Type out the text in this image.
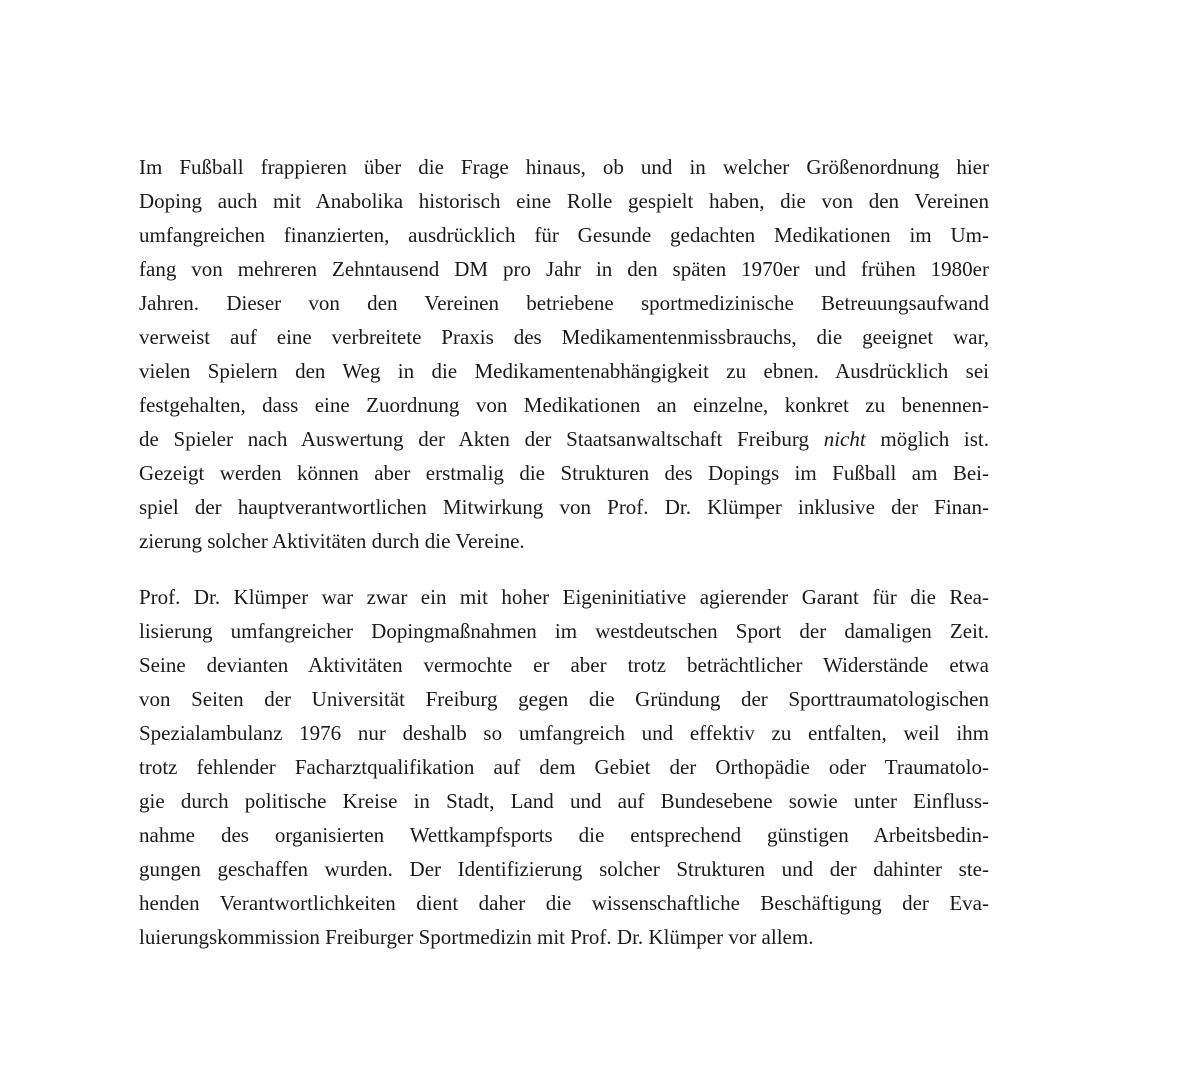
Im Fußball frappieren über die Frage hinaus, ob und in welcher Größenordnung hier
Doping auch mit Anabolika historisch eine Rolle gespielt haben, die von den Vereinen
umfangreichen finanzierten, ausdrücklich für Gesunde gedachten Medikationen im Um-
fang von mehreren Zehntausend DM pro Jahr in den späten 1970er und frühen 1980er
Jahren. Dieser von den Vereinen betriebene sportmedizinische Betreuungsaufwand
verweist auf eine verbreitete Praxis des Medikamentenmissbrauchs, die geeignet war,
vielen Spielern den Weg in die Medikamentenabhängigkeit zu ebnen. Ausdrücklich sei
festgehalten, dass eine Zuordnung von Medikationen an einzelne, konkret zu benennen-
de Spieler nach Auswertung der Akten der Staatsanwaltschaft Freiburg nicht möglich ist.
Gezeigt werden können aber erstmalig die Strukturen des Dopings im Fußball am Bei-
spiel der hauptverantwortlichen Mitwirkung von Prof. Dr. Klümper inklusive der Finan-
zierung solcher Aktivitäten durch die Vereine.
Prof. Dr. Klümper war zwar ein mit hoher Eigeninitiative agierender Garant für die Rea-
lisierung umfangreicher Dopingmaßnahmen im westdeutschen Sport der damaligen Zeit.
Seine devianten Aktivitäten vermochte er aber trotz beträchtlicher Widerstände etwa
von Seiten der Universität Freiburg gegen die Gründung der Sporttraumatologischen
Spezialambulanz 1976 nur deshalb so umfangreich und effektiv zu entfalten, weil ihm
trotz fehlender Facharztqualifikation auf dem Gebiet der Orthopädie oder Traumatolo-
gie durch politische Kreise in Stadt, Land und auf Bundesebene sowie unter Einfluss-
nahme des organisierten Wettkampfsports die entsprechend günstigen Arbeitsbedin-
gungen geschaffen wurden. Der Identifizierung solcher Strukturen und der dahinter ste-
henden Verantwortlichkeiten dient daher die wissenschaftliche Beschäftigung der Eva-
luierungskommission Freiburger Sportmedizin mit Prof. Dr. Klümper vor allem.
